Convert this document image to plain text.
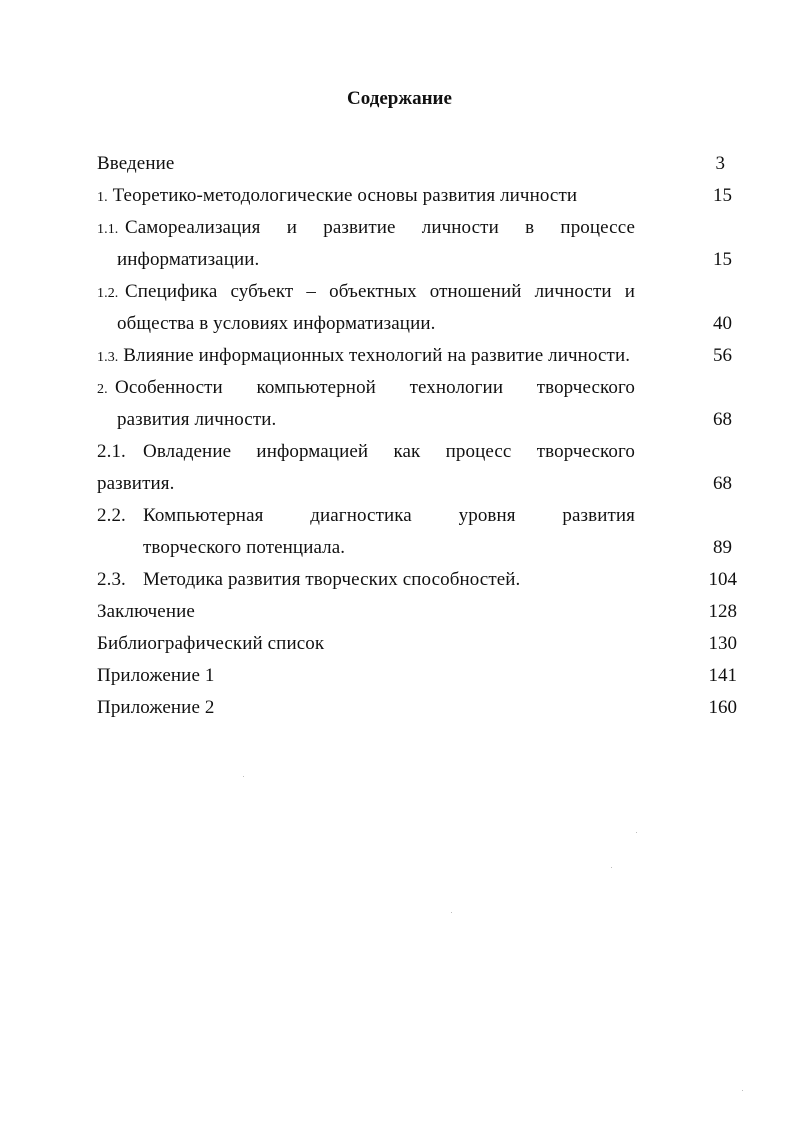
Содержание
Введение	3
1. Теоретико-методологические основы развития личности	15
1.1. Самореализация и развитие личности в процессе
информатизации.	15
1.2. Специфика субъект – объектных отношений личности и
общества в условиях информатизации.	40
1.3. Влияние информационных технологий на развитие личности.	56
2. Особенности компьютерной технологии творческого
развития личности.	68
2.1. Овладение информацией как процесс творческого
развития.	68
2.2. Компьютерная диагностика уровня развития
творческого потенциала.	89
2.3. Методика развития творческих способностей.	104
Заключение	128
Библиографический список	130
Приложение 1	141
Приложение 2	160
